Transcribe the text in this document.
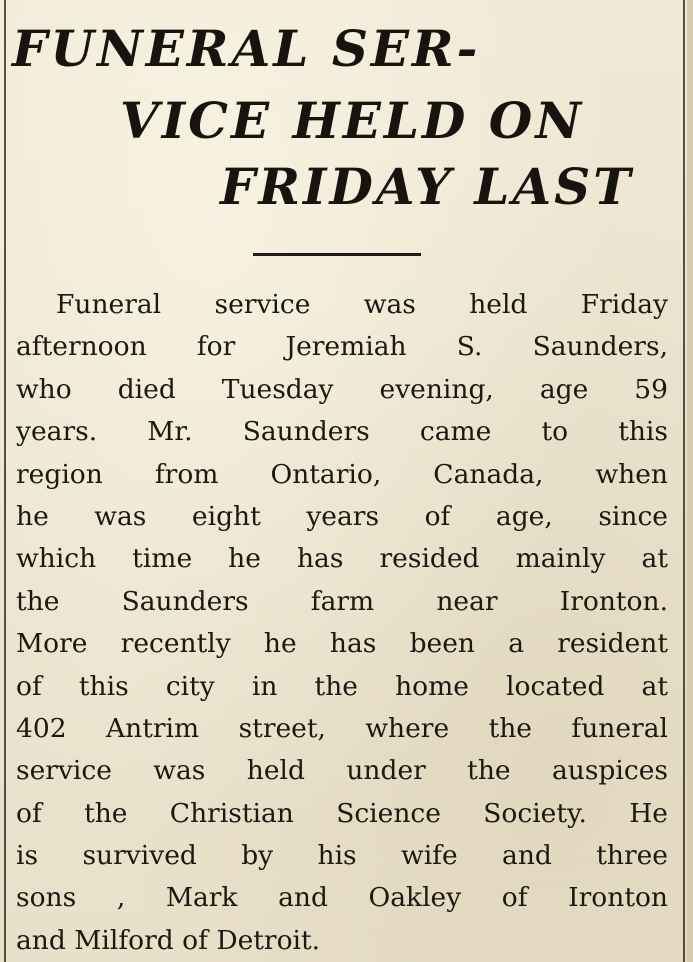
FUNERAL SER-
VICE HELD ON
FRIDAY LAST
Funeral service was held Friday
afternoon for Jeremiah S. Saunders,
who died Tuesday evening, age 59
years. Mr. Saunders came to this
region from Ontario, Canada, when
he was eight years of age, since
which time he has resided mainly at
the Saunders farm near Ironton.
More recently he has been a resident
of this city in the home located at
402 Antrim street, where the funeral
service was held under the auspices
of the Christian Science Society. He
is survived by his wife and three
sons , Mark and Oakley of Ironton
and Milford of Detroit.
